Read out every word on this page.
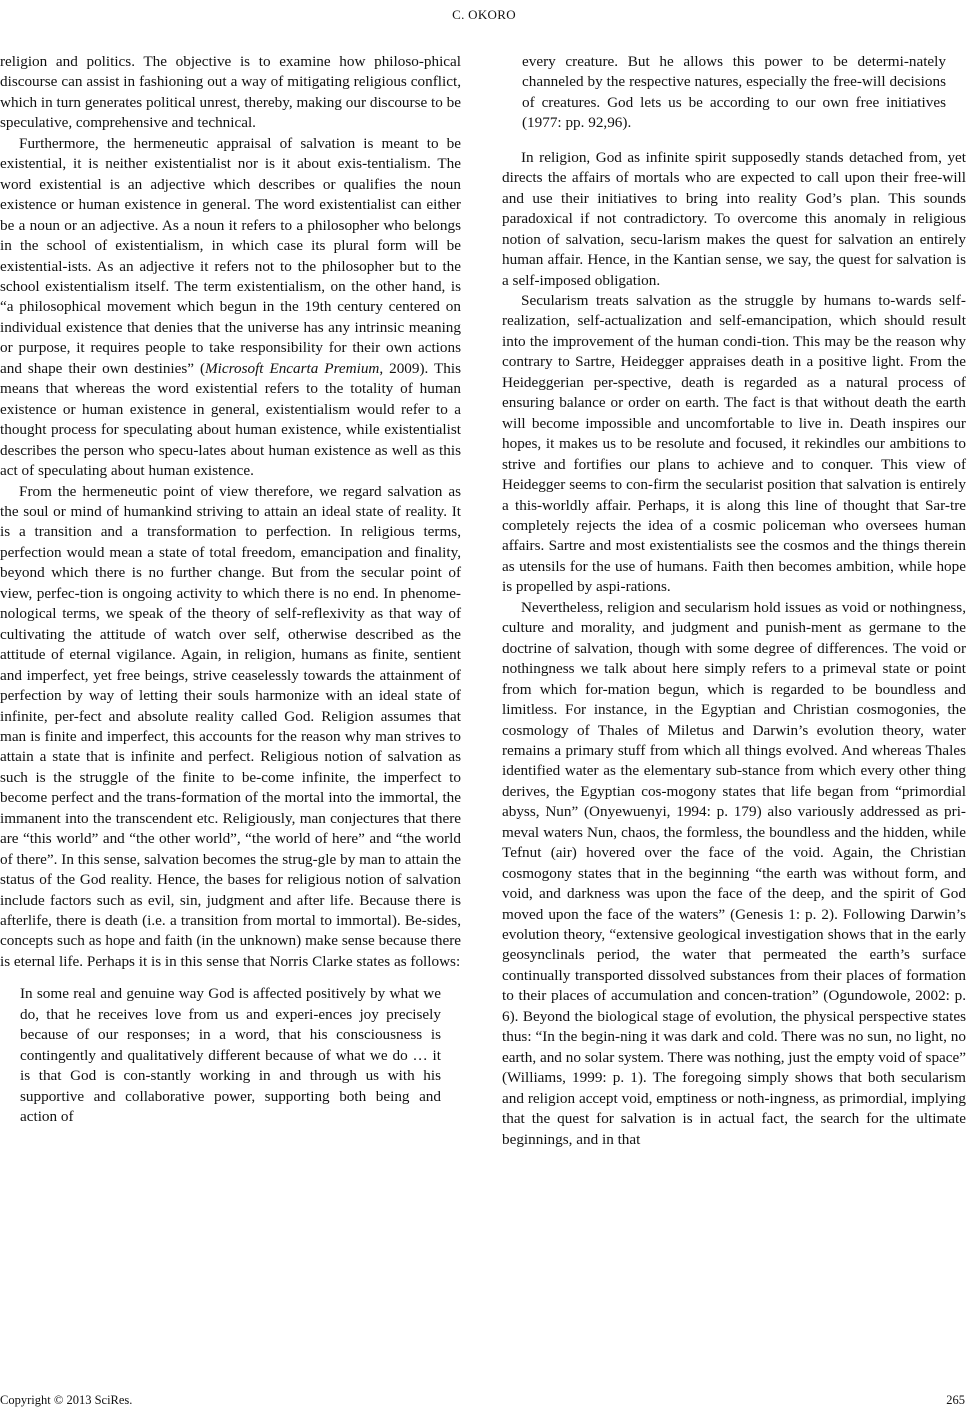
C. OKORO

religion and politics. The objective is to examine how philoso-phical discourse can assist in fashioning out a way of mitigating religious conflict, which in turn generates political unrest, thereby, making our discourse to be speculative, comprehensive and technical.

Furthermore, the hermeneutic appraisal of salvation is meant to be existential, it is neither existentialist nor is it about exis-tentialism. The word existential is an adjective which describes or qualifies the noun existence or human existence in general. The word existentialist can either be a noun or an adjective. As a noun it refers to a philosopher who belongs in the school of existentialism, in which case its plural form will be existential-ists. As an adjective it refers not to the philosopher but to the school existentialism itself. The term existentialism, on the other hand, is “a philosophical movement which begun in the 19th century centered on individual existence that denies that the universe has any intrinsic meaning or purpose, it requires people to take responsibility for their own actions and shape their own destinies” (Microsoft Encarta Premium, 2009). This means that whereas the word existential refers to the totality of human existence or human existence in general, existentialism would refer to a thought process for speculating about human existence, while existentialist describes the person who specu-lates about human existence as well as this act of speculating about human existence.

From the hermeneutic point of view therefore, we regard salvation as the soul or mind of humankind striving to attain an ideal state of reality. It is a transition and a transformation to perfection. In religious terms, perfection would mean a state of total freedom, emancipation and finality, beyond which there is no further change. But from the secular point of view, perfec-tion is ongoing activity to which there is no end. In phenome-nological terms, we speak of the theory of self-reflexivity as that way of cultivating the attitude of watch over self, otherwise described as the attitude of eternal vigilance. Again, in religion, humans as finite, sentient and imperfect, yet free beings, strive ceaselessly towards the attainment of perfection by way of letting their souls harmonize with an ideal state of infinite, per-fect and absolute reality called God. Religion assumes that man is finite and imperfect, this accounts for the reason why man strives to attain a state that is infinite and perfect. Religious notion of salvation as such is the struggle of the finite to be-come infinite, the imperfect to become perfect and the trans-formation of the mortal into the immortal, the immanent into the transcendent etc. Religiously, man conjectures that there are “this world” and “the other world”, “the world of here” and “the world of there”. In this sense, salvation becomes the strug-gle by man to attain the status of the God reality. Hence, the bases for religious notion of salvation include factors such as evil, sin, judgment and after life. Because there is afterlife, there is death (i.e. a transition from mortal to immortal). Be-sides, concepts such as hope and faith (in the unknown) make sense because there is eternal life. Perhaps it is in this sense that Norris Clarke states as follows:

In some real and genuine way God is affected positively by what we do, that he receives love from us and experi-ences joy precisely because of our responses; in a word, that his consciousness is contingently and qualitatively different because of what we do … it is that God is con-stantly working in and through us with his supportive and collaborative power, supporting both being and action of
every creature. But he allows this power to be determi-nately channeled by the respective natures, especially the free-will decisions of creatures. God lets us be according to our own free initiatives (1977: pp. 92,96).

In religion, God as infinite spirit supposedly stands detached from, yet directs the affairs of mortals who are expected to call upon their free-will and use their initiatives to bring into reality God’s plan. This sounds paradoxical if not contradictory. To overcome this anomaly in religious notion of salvation, secu-larism makes the quest for salvation an entirely human affair. Hence, in the Kantian sense, we say, the quest for salvation is a self-imposed obligation.

Secularism treats salvation as the struggle by humans to-wards self-realization, self-actualization and self-emancipation, which should result into the improvement of the human condi-tion. This may be the reason why contrary to Sartre, Heidegger appraises death in a positive light. From the Heideggerian per-spective, death is regarded as a natural process of ensuring balance or order on earth. The fact is that without death the earth will become impossible and uncomfortable to live in. Death inspires our hopes, it makes us to be resolute and focused, it rekindles our ambitions to strive and fortifies our plans to achieve and to conquer. This view of Heidegger seems to con-firm the secularist position that salvation is entirely a this-worldly affair. Perhaps, it is along this line of thought that Sar-tre completely rejects the idea of a cosmic policeman who oversees human affairs. Sartre and most existentialists see the cosmos and the things therein as utensils for the use of humans. Faith then becomes ambition, while hope is propelled by aspi-rations.

Nevertheless, religion and secularism hold issues as void or nothingness, culture and morality, and judgment and punish-ment as germane to the doctrine of salvation, though with some degree of differences. The void or nothingness we talk about here simply refers to a primeval state or point from which for-mation begun, which is regarded to be boundless and limitless. For instance, in the Egyptian and Christian cosmogonies, the cosmology of Thales of Miletus and Darwin’s evolution theory, water remains a primary stuff from which all things evolved. And whereas Thales identified water as the elementary sub-stance from which every other thing derives, the Egyptian cos-mogony states that life began from “primordial abyss, Nun” (Onyewuenyi, 1994: p. 179) also variously addressed as pri-meval waters Nun, chaos, the formless, the boundless and the hidden, while Tefnut (air) hovered over the face of the void. Again, the Christian cosmogony states that in the beginning “the earth was without form, and void, and darkness was upon the face of the deep, and the spirit of God moved upon the face of the waters” (Genesis 1: p. 2). Following Darwin’s evolution theory, “extensive geological investigation shows that in the early geosynclinals period, the water that permeated the earth’s surface continually transported dissolved substances from their places of formation to their places of accumulation and concen-tration” (Ogundowole, 2002: p. 6). Beyond the biological stage of evolution, the physical perspective states thus: “In the begin-ning it was dark and cold. There was no sun, no light, no earth, and no solar system. There was nothing, just the empty void of space” (Williams, 1999: p. 1). The foregoing simply shows that both secularism and religion accept void, emptiness or noth-ingness, as primordial, implying that the quest for salvation is in actual fact, the search for the ultimate beginnings, and in that

Copyright © 2013 SciRes.	265
